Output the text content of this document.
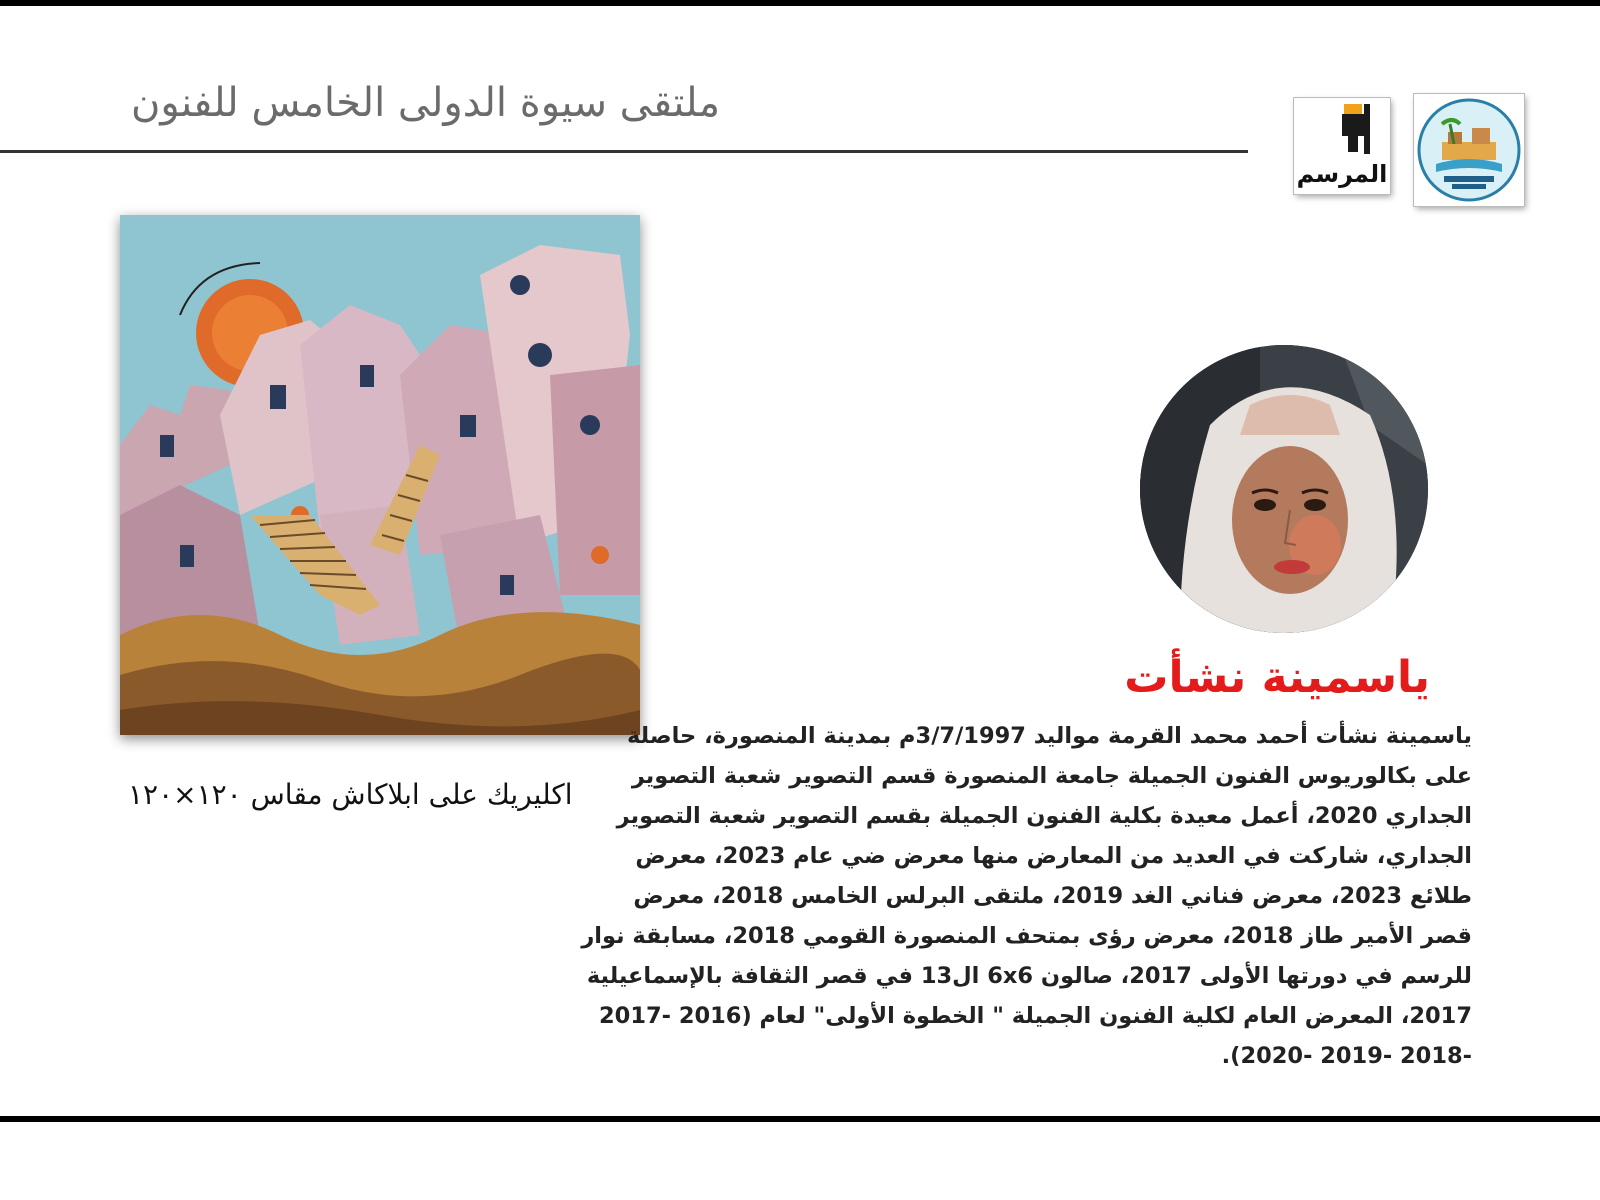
ملتقى سيوة الدولى الخامس للفنون
المرسم
اكليريك على ابلاكاش مقاس ١٢٠×١٢٠
ياسمينة نشأت
ياسمينة نشأت أحمد محمد القرمة مواليد 3/7/1997م بمدينة المنصورة، حاصلة
على بكالوريوس الفنون الجميلة جامعة المنصورة قسم التصوير شعبة التصوير
الجداري 2020، أعمل معيدة بكلية الفنون الجميلة بقسم التصوير شعبة التصوير
الجداري، شاركت في العديد من المعارض منها معرض ضي عام 2023، معرض
طلائع 2023، معرض فناني الغد 2019، ملتقى البرلس الخامس 2018، معرض
قصر الأمير طاز 2018، معرض رؤى بمتحف المنصورة القومي 2018، مسابقة نوار
للرسم في دورتها الأولى 2017، صالون 6x6 ال13 في قصر الثقافة بالإسماعيلية
2017، المعرض العام لكلية الفنون الجميلة " الخطوة الأولى" لعام (2016 -2017
-2018 -2019 -2020).
